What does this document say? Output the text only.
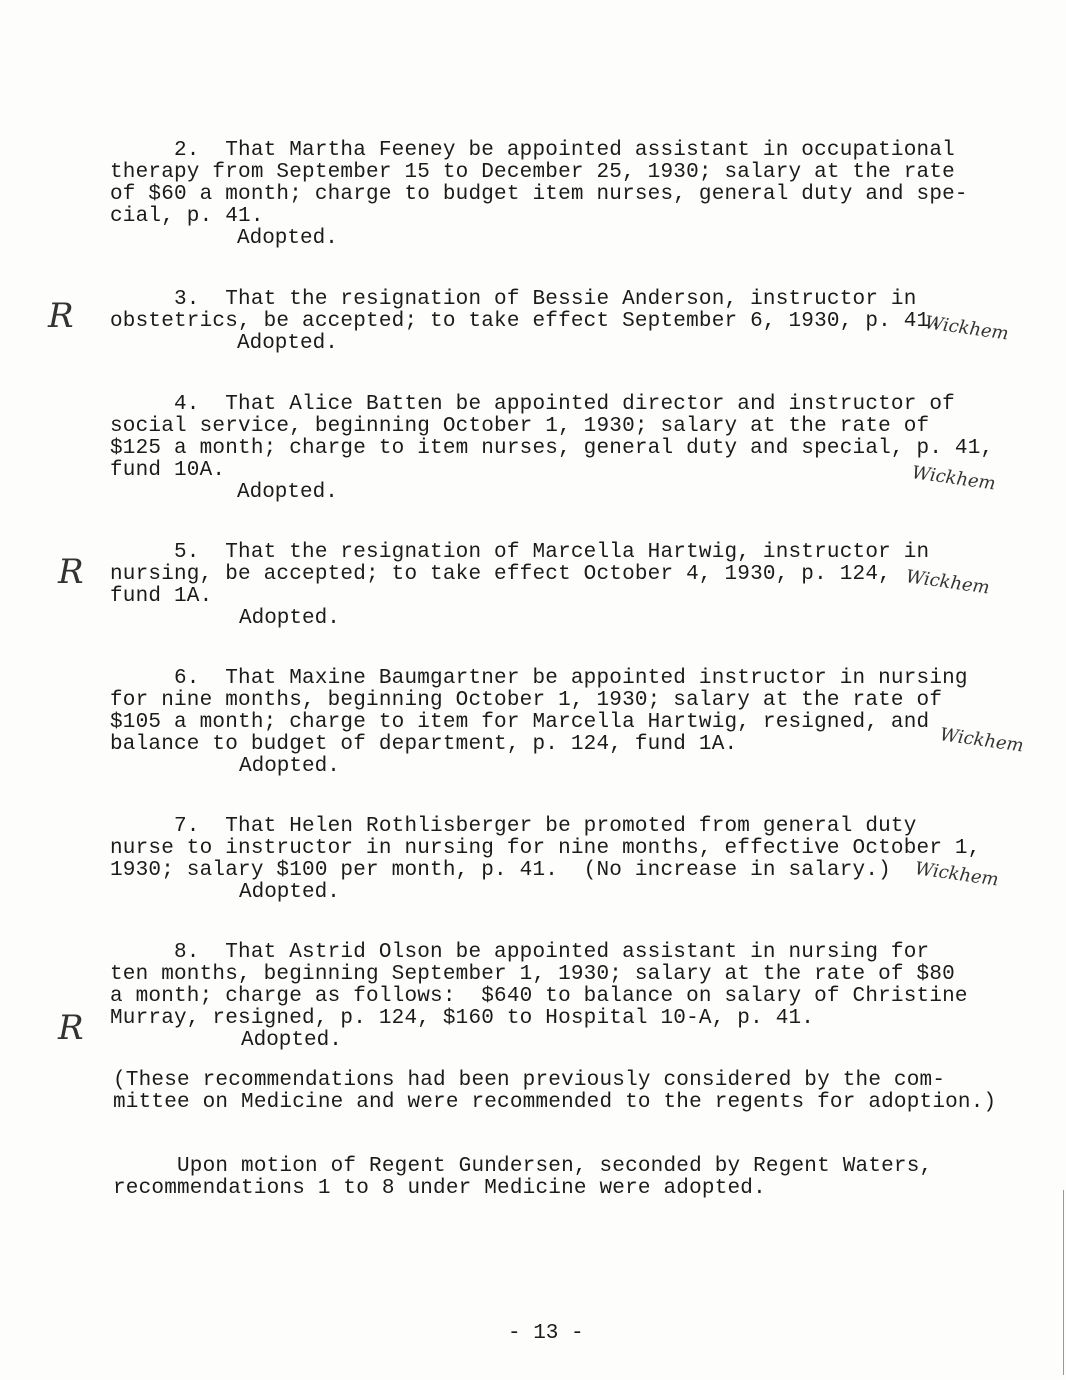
2.  That Martha Feeney be appointed assistant in occupational
therapy from September 15 to December 25, 1930; salary at the rate
of $60 a month; charge to budget item nurses, general duty and spe-
cial, p. 41.
Adopted.
R 3.  That the resignation of Bessie Anderson, instructor in
obstetrics, be accepted; to take effect September 6, 1930, p. 41.
Adopted.	Wickhem
4.  That Alice Batten be appointed director and instructor of
social service, beginning October 1, 1930; salary at the rate of
$125 a month; charge to item nurses, general duty and special, p. 41,
fund 10A.
Adopted.	Wickhem
R 5.  That the resignation of Marcella Hartwig, instructor in
nursing, be accepted; to take effect October 4, 1930, p. 124,
fund 1A.
Adopted.
Wickhem
6.  That Maxine Baumgartner be appointed instructor in nursing
for nine months, beginning October 1, 1930; salary at the rate of
$105 a month; charge to item for Marcella Hartwig, resigned, and
balance to budget of department, p. 124, fund 1A.
Adopted.
Wickhem
7.  That Helen Rothlisberger be promoted from general duty
nurse to instructor in nursing for nine months, effective October 1,
1930; salary $100 per month, p. 41.  (No increase in salary.)
Adopted.
Wickhem
8.  That Astrid Olson be appointed assistant in nursing for
ten months, beginning September 1, 1930; salary at the rate of $80
a month; charge as follows:  $640 to balance on salary of Christine
Murray, resigned, p. 124, $160 to Hospital 10-A, p. 41.
Adopted.
R
(These recommendations had been previously considered by the com-
mittee on Medicine and were recommended to the regents for adoption.)
Upon motion of Regent Gundersen, seconded by Regent Waters,
recommendations 1 to 8 under Medicine were adopted.
- 13 -
